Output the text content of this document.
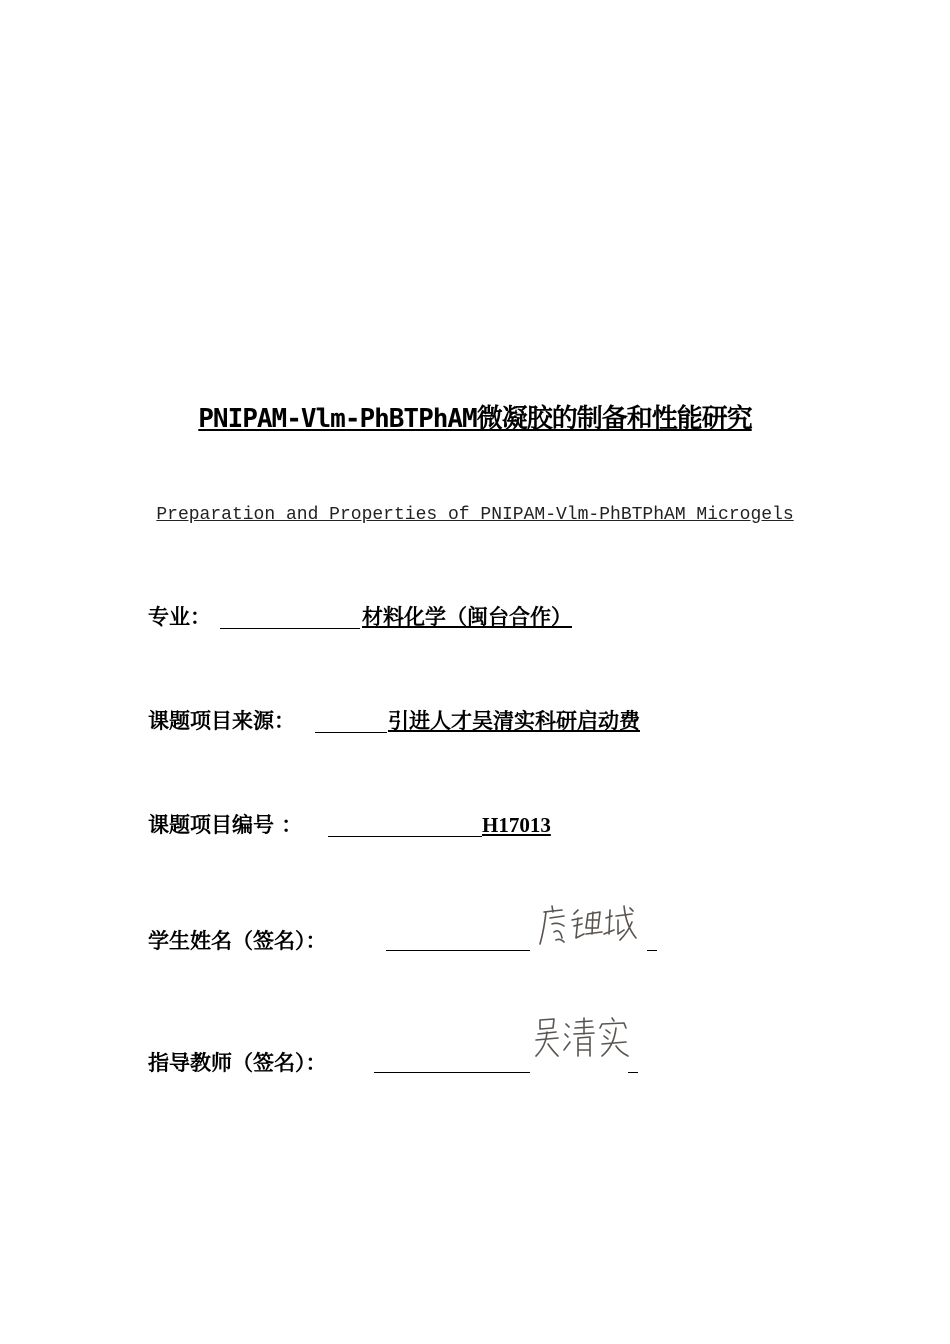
PNIPAM-Vlm-PhBTPhAM微凝胶的制备和性能研究
Preparation and Properties of PNIPAM-Vlm-PhBTPhAM Microgels
专业：	材料化学（闽台合作）
课题项目来源：	引进人才吴清实科研启动费
课题项目编号 ：	H17013
学生姓名（签名）：
指导教师（签名）：
